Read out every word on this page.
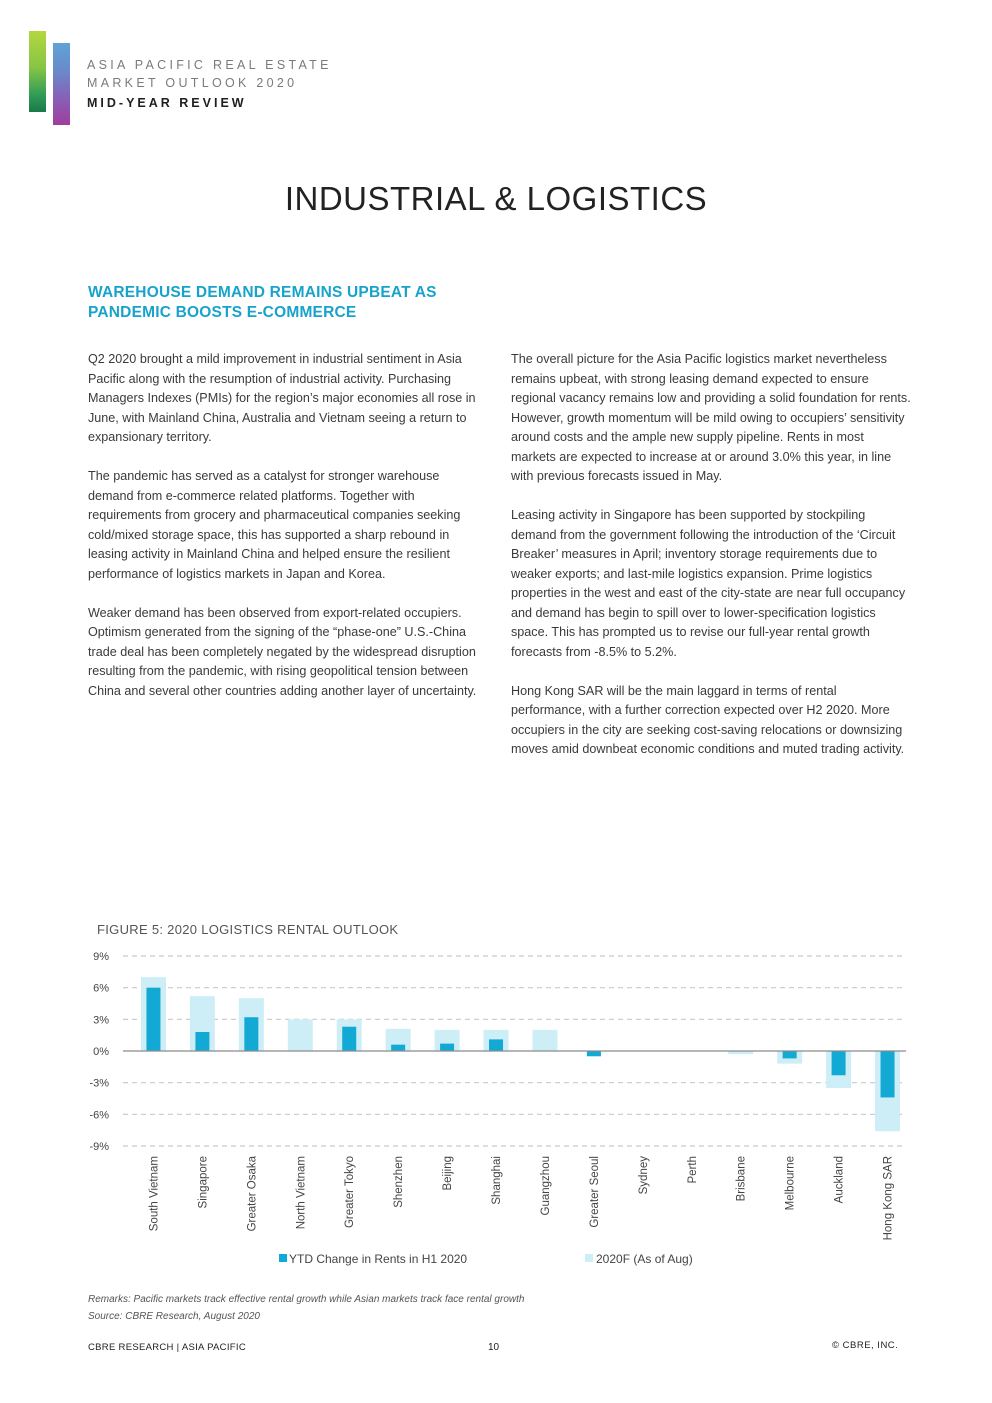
ASIA PACIFIC REAL ESTATE
MARKET OUTLOOK 2020
MID-YEAR REVIEW
INDUSTRIAL & LOGISTICS
WAREHOUSE DEMAND REMAINS UPBEAT AS PANDEMIC BOOSTS E-COMMERCE

Q2 2020 brought a mild improvement in industrial sentiment in Asia Pacific along with the resumption of industrial activity. Purchasing Managers Indexes (PMIs) for the region’s major economies all rose in June, with Mainland China, Australia and Vietnam seeing a return to expansionary territory.

The pandemic has served as a catalyst for stronger warehouse demand from e-commerce related platforms. Together with requirements from grocery and pharmaceutical companies seeking cold/mixed storage space, this has supported a sharp rebound in leasing activity in Mainland China and helped ensure the resilient performance of logistics markets in Japan and Korea.

Weaker demand has been observed from export-related occupiers. Optimism generated from the signing of the “phase-one” U.S.-China trade deal has been completely negated by the widespread disruption resulting from the pandemic, with rising geopolitical tension between China and several other countries adding another layer of uncertainty.

The overall picture for the Asia Pacific logistics market nevertheless remains upbeat, with strong leasing demand expected to ensure regional vacancy remains low and providing a solid foundation for rents. However, growth momentum will be mild owing to occupiers’ sensitivity around costs and the ample new supply pipeline. Rents in most markets are expected to increase at or around 3.0% this year, in line with previous forecasts issued in May.

Leasing activity in Singapore has been supported by stockpiling demand from the government following the introduction of the ‘Circuit Breaker’ measures in April; inventory storage requirements due to weaker exports; and last-mile logistics expansion. Prime logistics properties in the west and east of the city-state are near full occupancy and demand has begin to spill over to lower-specification logistics space. This has prompted us to revise our full-year rental growth forecasts from -8.5% to 5.2%.

Hong Kong SAR will be the main laggard in terms of rental performance, with a further correction expected over H2 2020. More occupiers in the city are seeking cost-saving relocations or downsizing moves amid downbeat economic conditions and muted trading activity.

FIGURE 5: 2020 LOGISTICS RENTAL OUTLOOK
9%
6%
3%
0%
-3%
-6%
-9%
South Vietnam	Singapore	Greater Osaka	North Vietnam	Greater Tokyo	Shenzhen	Beijing	Shanghai	Guangzhou	Greater Seoul	Sydney	Perth	Brisbane	Melbourne	Auckland	Hong Kong SAR
YTD Change in Rents in H1 2020	2020F (As of Aug)
Remarks: Pacific markets track effective rental growth while Asian markets track face rental growth
Source: CBRE Research, August 2020
CBRE RESEARCH | ASIA PACIFIC	10	© CBRE, INC.
